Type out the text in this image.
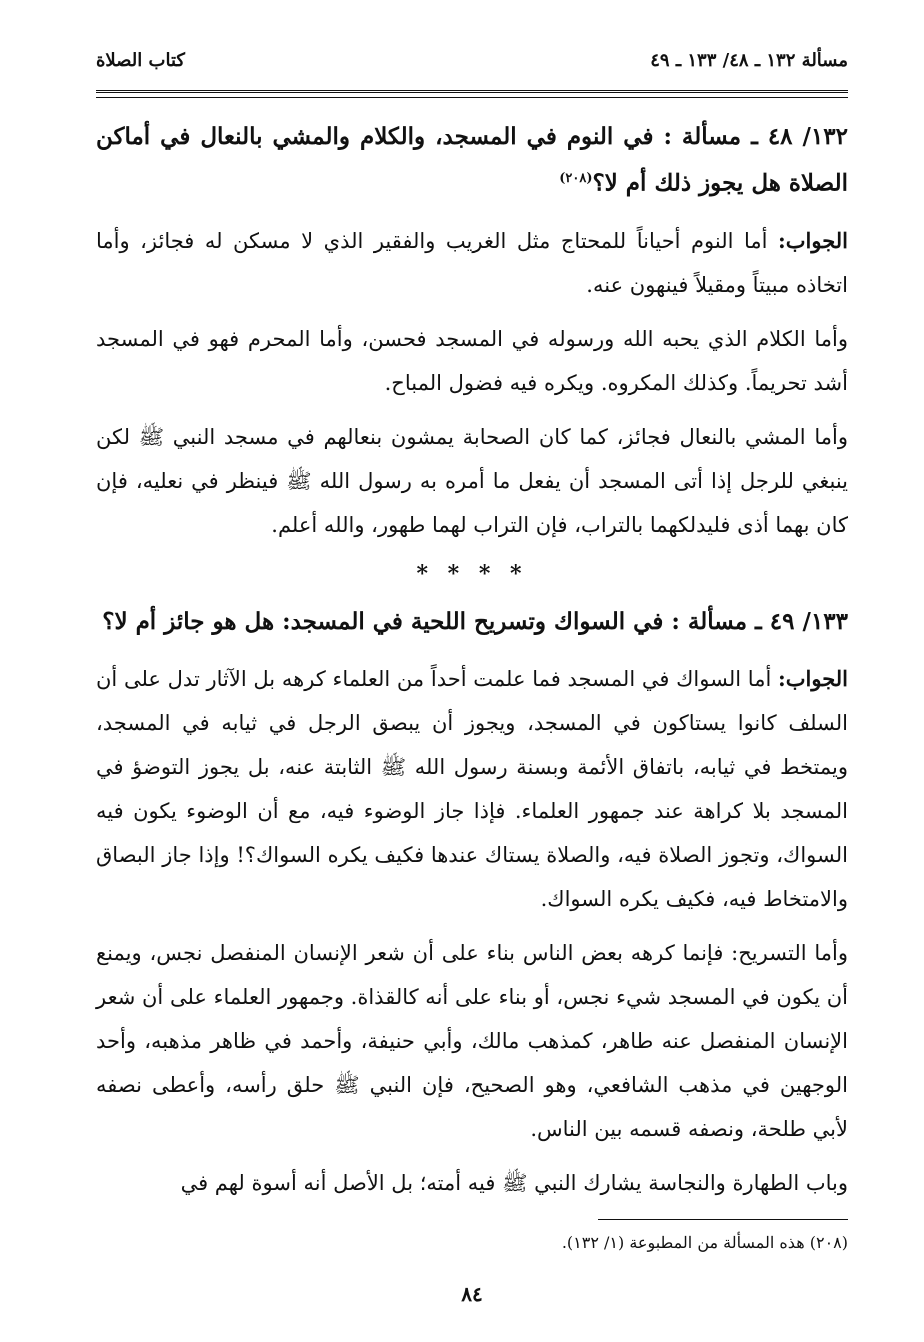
مسألة ١٣٢ ـ ٤٨/ ١٣٣ ـ ٤٩
كتاب الصلاة
١٣٢/ ٤٨ ـ مسألة : في النوم في المسجد، والكلام والمشي بالنعال في أماكن الصلاة هل يجوز ذلك أم لا؟$^{(٢٠٨)}$

الجواب: أما النوم أحياناً للمحتاج مثل الغريب والفقير الذي لا مسكن له فجائز، وأما اتخاذه مبيتاً ومقيلاً فينهون عنه.

وأما الكلام الذي يحبه الله ورسوله في المسجد فحسن، وأما المحرم فهو في المسجد أشد تحريماً. وكذلك المكروه. ويكره فيه فضول المباح.

وأما المشي بالنعال فجائز، كما كان الصحابة يمشون بنعالهم في مسجد النبي ﷺ لكن ينبغي للرجل إذا أتى المسجد أن يفعل ما أمره به رسول الله ﷺ فينظر في نعليه، فإن كان بهما أذى فليدلكهما بالتراب، فإن التراب لهما طهور، والله أعلم.

* * * *
١٣٣/ ٤٩ ـ مسألة : في السواك وتسريح اللحية في المسجد: هل هو جائز أم لا؟

الجواب: أما السواك في المسجد فما علمت أحداً من العلماء كرهه بل الآثار تدل على أن السلف كانوا يستاكون في المسجد، ويجوز أن يبصق الرجل في ثيابه في المسجد، ويمتخط في ثيابه، باتفاق الأئمة وبسنة رسول الله ﷺ الثابتة عنه، بل يجوز التوضؤ في المسجد بلا كراهة عند جمهور العلماء. فإذا جاز الوضوء فيه، مع أن الوضوء يكون فيه السواك، وتجوز الصلاة فيه، والصلاة يستاك عندها فكيف يكره السواك؟! وإذا جاز البصاق والامتخاط فيه، فكيف يكره السواك.

وأما التسريح: فإنما كرهه بعض الناس بناء على أن شعر الإنسان المنفصل نجس، ويمنع أن يكون في المسجد شيء نجس، أو بناء على أنه كالقذاة. وجمهور العلماء على أن شعر الإنسان المنفصل عنه طاهر، كمذهب مالك، وأبي حنيفة، وأحمد في ظاهر مذهبه، وأحد الوجهين في مذهب الشافعي، وهو الصحيح، فإن النبي ﷺ حلق رأسه، وأعطى نصفه لأبي طلحة، ونصفه قسمه بين الناس.

وباب الطهارة والنجاسة يشارك النبي ﷺ فيه أمته؛ بل الأصل أنه أسوة لهم في

(٢٠٨) هذه المسألة من المطبوعة (١/ ١٣٢).
٨٤
